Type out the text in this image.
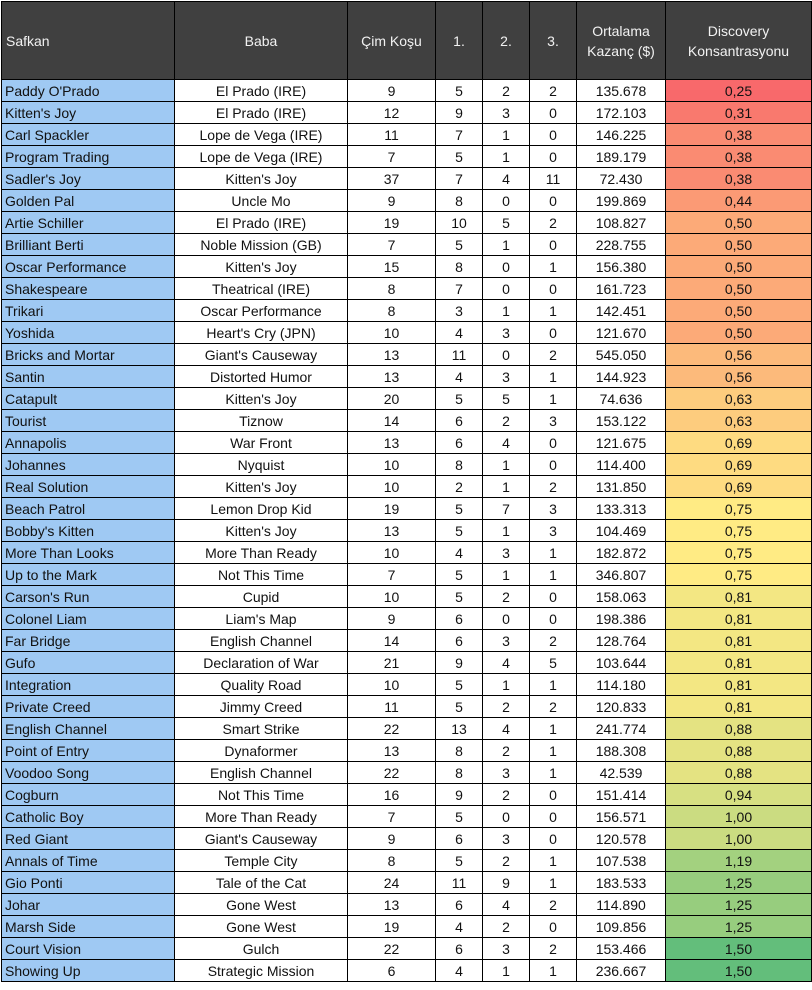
Safkan	Baba	Çim Koşu	1.	2.	3.	Ortalama Kazanç ($)	Discovery Konsantrasyonu

Paddy O'Prado	El Prado (IRE)	9	5	2	2	135.678	0,25
Kitten's Joy	El Prado (IRE)	12	9	3	0	172.103	0,31
Carl Spackler	Lope de Vega (IRE)	11	7	1	0	146.225	0,38
Program Trading	Lope de Vega (IRE)	7	5	1	0	189.179	0,38
Sadler's Joy	Kitten's Joy	37	7	4	11	72.430	0,38
Golden Pal	Uncle Mo	9	8	0	0	199.869	0,44
Artie Schiller	El Prado (IRE)	19	10	5	2	108.827	0,50
Brilliant Berti	Noble Mission (GB)	7	5	1	0	228.755	0,50
Oscar Performance	Kitten's Joy	15	8	0	1	156.380	0,50
Shakespeare	Theatrical (IRE)	8	7	0	0	161.723	0,50
Trikari	Oscar Performance	8	3	1	1	142.451	0,50
Yoshida	Heart's Cry (JPN)	10	4	3	0	121.670	0,50
Bricks and Mortar	Giant's Causeway	13	11	0	2	545.050	0,56
Santin	Distorted Humor	13	4	3	1	144.923	0,56
Catapult	Kitten's Joy	20	5	5	1	74.636	0,63
Tourist	Tiznow	14	6	2	3	153.122	0,63
Annapolis	War Front	13	6	4	0	121.675	0,69
Johannes	Nyquist	10	8	1	0	114.400	0,69
Real Solution	Kitten's Joy	10	2	1	2	131.850	0,69
Beach Patrol	Lemon Drop Kid	19	5	7	3	133.313	0,75
Bobby's Kitten	Kitten's Joy	13	5	1	3	104.469	0,75
More Than Looks	More Than Ready	10	4	3	1	182.872	0,75
Up to the Mark	Not This Time	7	5	1	1	346.807	0,75
Carson's Run	Cupid	10	5	2	0	158.063	0,81
Colonel Liam	Liam's Map	9	6	0	0	198.386	0,81
Far Bridge	English Channel	14	6	3	2	128.764	0,81
Gufo	Declaration of War	21	9	4	5	103.644	0,81
Integration	Quality Road	10	5	1	1	114.180	0,81
Private Creed	Jimmy Creed	11	5	2	2	120.833	0,81
English Channel	Smart Strike	22	13	4	1	241.774	0,88
Point of Entry	Dynaformer	13	8	2	1	188.308	0,88
Voodoo Song	English Channel	22	8	3	1	42.539	0,88
Cogburn	Not This Time	16	9	2	0	151.414	0,94
Catholic Boy	More Than Ready	7	5	0	0	156.571	1,00
Red Giant	Giant's Causeway	9	6	3	0	120.578	1,00
Annals of Time	Temple City	8	5	2	1	107.538	1,19
Gio Ponti	Tale of the Cat	24	11	9	1	183.533	1,25
Johar	Gone West	13	6	4	2	114.890	1,25
Marsh Side	Gone West	19	4	2	0	109.856	1,25
Court Vision	Gulch	22	6	3	2	153.466	1,50
Showing Up	Strategic Mission	6	4	1	1	236.667	1,50
